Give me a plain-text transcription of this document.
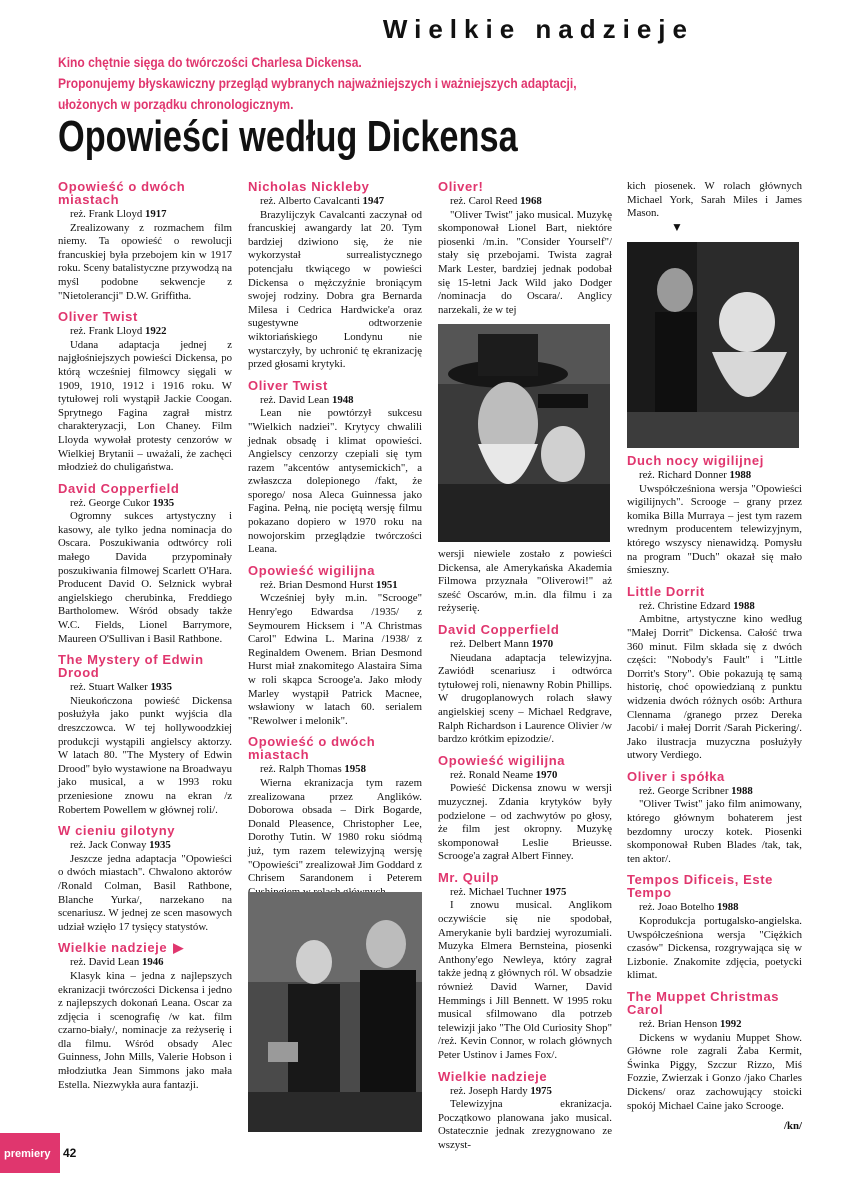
Wielkie nadzieje
Kino chętnie sięga do twórczości Charlesa Dickensa.
Proponujemy błyskawiczny przegląd wybranych najważniejszych i ważniejszych adaptacji,
ułożonych w porządku chronologicznym.
Opowieści według Dickensa
Opowieść o dwóch miastach
reż. Frank Lloyd 1917

Zrealizowany z rozmachem film niemy. Ta opowieść o rewolucji francuskiej była przebojem kin w 1917 roku. Sceny batalistyczne przywodzą na myśl podobne sekwencje z "Nietolerancji" D.W. Griffitha.

Oliver Twist
reż. Frank Lloyd 1922

Udana adaptacja jednej z najgłośniejszych powieści Dickensa, po którą wcześniej filmowcy sięgali w 1909, 1910, 1912 i 1916 roku. W tytułowej roli wystąpił Jackie Coogan. Sprytnego Fagina zagrał mistrz charakteryzacji, Lon Chaney. Film Lloyda wywołał protesty cenzorów w Wielkiej Brytanii – uważali, że zachęci młodzież do chuligaństwa.

David Copperfield
reż. George Cukor 1935

Ogromny sukces artystyczny i kasowy, ale tylko jedna nominacja do Oscara. Poszukiwania odtwórcy roli małego Davida przypominały poszukiwania filmowej Scarlett O'Hara. Producent David O. Selznick wybrał angielskiego cherubinka, Freddiego Bartholomew. Wśród obsady także W.C. Fields, Lionel Barrymore, Maureen O'Sullivan i Basil Rathbone.

The Mystery of Edwin Drood
reż. Stuart Walker 1935

Nieukończona powieść Dickensa posłużyła jako punkt wyjścia dla dreszczowca. W tej hollywoodzkiej produkcji wystąpili angielscy aktorzy. W latach 80. "The Mystery of Edwin Drood" było wystawione na Broadwayu jako musical, a w 1993 roku przeniesione znowu na ekran /z Robertem Powellem w głównej roli/.

W cieniu gilotyny
reż. Jack Conway 1935

Jeszcze jedna adaptacja "Opowieści o dwóch miastach". Chwalono aktorów /Ronald Colman, Basil Rathbone, Blanche Yurka/, narzekano na scenariusz. W jednej ze scen masowych udział wzięło 17 tysięcy statystów.

Wielkie nadzieje ▶
reż. David Lean 1946

Klasyk kina – jedna z najlepszych ekranizacji twórczości Dickensa i jedno z najlepszych dokonań Leana. Oscar za zdjęcia i scenografię /w kat. film czarno-biały/, nominacje za reżyserię i dla filmu. Wśród obsady Alec Guinness, John Mills, Valerie Hobson i młodziutka Jean Simmons jako mała Estella. Niezwykła aura fantazji.

Nicholas Nickleby
reż. Alberto Cavalcanti 1947

Brazylijczyk Cavalcanti zaczynał od francuskiej awangardy lat 20. Tym bardziej dziwiono się, że nie wykorzystał surrealistycznego potencjału tkwiącego w powieści Dickensa o mężczyźnie broniącym swojej rodziny. Dobra gra Bernarda Milesa i Cedrica Hardwicke'a oraz sugestywne odtworzenie wiktoriańskiego Londynu nie wystarczyły, by uchronić tę ekranizację przed głosami krytyki.

Oliver Twist
reż. David Lean 1948

Lean nie powtórzył sukcesu "Wielkich nadziei". Krytycy chwalili jednak obsadę i klimat opowieści. Angielscy cenzorzy czepiali się tym razem "akcentów antysemickich", a zwłaszcza dolepionego /fakt, że sporego/ nosa Aleca Guinnessa jako Fagina. Pełną, nie pociętą wersję filmu pokazano dopiero w 1970 roku na nowojorskim przeglądzie twórczości Leana.

Opowieść wigilijna
reż. Brian Desmond Hurst 1951

Wcześniej były m.in. "Scrooge" Henry'ego Edwardsa /1935/ z Seymourem Hicksem i "A Christmas Carol" Edwina L. Marina /1938/ z Reginaldem Owenem. Brian Desmond Hurst miał znakomitego Alastaira Sima w roli skąpca Scrooge'a. Jako młody Marley wystąpił Patrick Macnee, wsławiony w latach 60. serialem "Rewolwer i melonik".

Opowieść o dwóch miastach
reż. Ralph Thomas 1958

Wierna ekranizacja tym razem zrealizowana przez Anglików. Doborowa obsada – Dirk Bogarde, Donald Pleasence, Christopher Lee, Dorothy Tutin. W 1980 roku siódmą już, tym razem telewizyjną wersję "Opowieści" zrealizował Jim Goddard z Chrisem Sarandonem i Peterem

Oliver!
reż. Carol Reed 1968

"Oliver Twist" jako musical. Muzykę skomponował Lionel Bart, niektóre piosenki /m.in. "Consider Yourself"/ stały się przebojami. Twista zagrał Mark Lester, bardziej jednak podobał się 15-letni Jack Wild jako Dodger /nominacja do Oscara/. Anglicy narzekali, że w tej

wersji niewiele zostało z powieści Dickensa, ale Amerykańska Akademia Filmowa przyznała "Oliverowi!" aż sześć Oscarów, m.in. dla filmu i za reżyserię.

David Copperfield
reż. Delbert Mann 1970

Nieudana adaptacja telewizyjna. Zawiódł scenariusz i odtwórca tytułowej roli, nienawny Robin Phillips. W drugoplanowych rolach sławy angielskiej sceny – Michael Redgrave, Ralph Richardson i Laurence Olivier /w bardzo krótkim epizodzie/.

Opowieść wigilijna
reż. Ronald Neame 1970

Powieść Dickensa znowu w wersji muzycznej. Zdania krytyków były podzielone – od zachwytów po głosy, że film jest okropny. Muzykę skomponował Leslie Brieusse. Scrooge'a zagrał Albert Finney.

Mr. Quilp
reż. Michael Tuchner 1975

I znowu musical. Anglikom oczywiście się nie spodobał, Amerykanie byli bardziej wyrozumiali. Muzyka Elmera Bernsteina, piosenki Anthony'ego Newleya, który zagrał także jedną z głównych ról. W obsadzie również David Warner, David Hemmings i Jill Bennett. W 1995 roku musical sfilmowano dla potrzeb telewizji jako "The Old Curiosity Shop" /reż. Kevin Connor, w rolach głównych Peter Ustinov i James Fox/.

Wielkie nadzieje
reż. Joseph Hardy 1975

Telewizyjna ekranizacja. Początkowo planowana jako musical. Ostatecznie jednak zrezygnowano ze wszyst-

kich piosenek. W rolach głównych Michael York, Sarah Miles i James Mason.

▼
Duch nocy wigilijnej
reż. Richard Donner 1988

Uwspółcześniona wersja "Opowieści wigilijnych". Scrooge – grany przez komika Billa Murraya – jest tym razem wrednym producentem telewizyjnym, którego wszyscy nienawidzą. Pomysłu na program "Duch" okazał się mało śmieszny.

Little Dorrit
reż. Christine Edzard 1988

Ambitne, artystyczne kino według "Małej Dorrit" Dickensa. Całość trwa 360 minut. Film składa się z dwóch części: "Nobody's Fault" i "Little Dorrit's Story". Obie pokazują tę samą historię, choć opowiedzianą z punktu widzenia dwóch różnych osób: Arthura Clennama /granego przez Dereka Jacobi/ i małej Dorrit /Sarah Pickering/. Jako ilustracja muzyczna posłużyły utwory Verdiego.

Oliver i spółka
reż. George Scribner 1988

"Oliver Twist" jako film animowany, którego głównym bohaterem jest bezdomny uroczy kotek. Piosenki skomponował Ruben Blades /tak, tak, ten aktor/.

Tempos Dificeis, Este Tempo
reż. Joao Botelho 1988

Koprodukcja portugalsko-angielska. Uwspółcześniona wersja "Ciężkich czasów" Dickensa, rozgrywająca się w Lizbonie. Znakomite zdjęcia, poetycki klimat.

The Muppet Christmas Carol
reż. Brian Henson 1992

Dickens w wydaniu Muppet Show. Główne role zagrali Żaba Kermit, Świnka Piggy, Szczur Rizzo, Miś Fozzie, Zwierzak i Gonzo /jako Charles Dickens/ oraz zachowujący stoicki spokój Michael Caine jako Scrooge.

/kn/
premiery 42
